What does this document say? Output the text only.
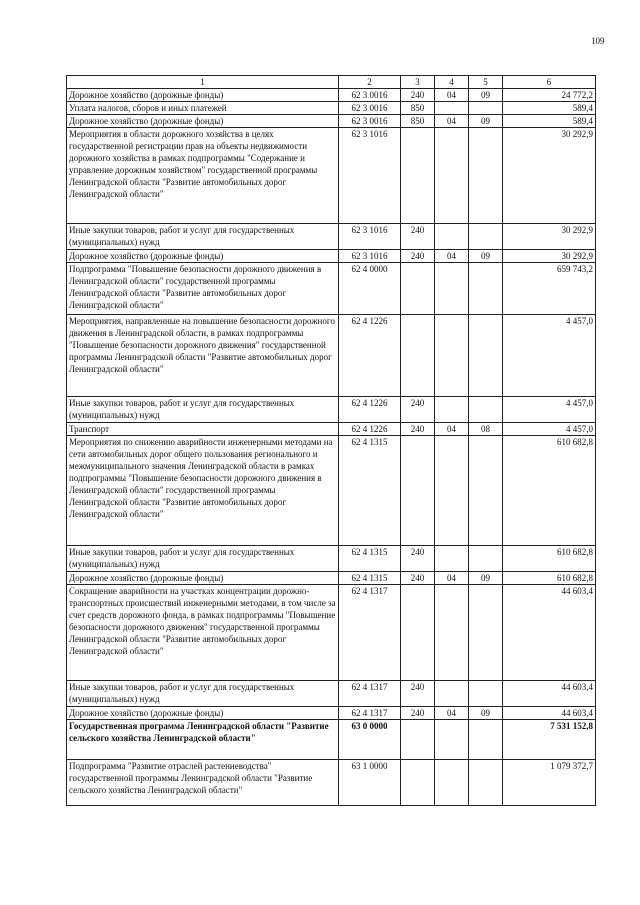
109
1	2	3	4	5	6
Дорожное хозяйство (дорожные фонды)	62 3 0016	240	04	09	24 772,2
Уплата налогов, сборов и иных платежей	62 3 0016	850			589,4
Дорожное хозяйство (дорожные фонды)	62 3 0016	850	04	09	589,4
Мероприятия в области дорожного хозяйства в целях государственной регистрации прав на объекты недвижимости дорожного хозяйства в рамках подпрограммы "Содержание и управление дорожным хозяйством" государственной программы Ленинградской области "Развитие автомобильных дорог Ленинградской области"	62 3 1016				30 292,9
Иные закупки товаров, работ и услуг для государственных (муниципальных) нужд	62 3 1016	240			30 292,9
Дорожное хозяйство (дорожные фонды)	62 3 1016	240	04	09	30 292,9
Подпрограмма "Повышение безопасности дорожного движения в Ленинградской области" государственной программы Ленинградской области "Развитие автомобильных дорог Ленинградской области"	62 4 0000				659 743,2
Мероприятия, направленные на повышение безопасности дорожного движения в Ленинградской области, в рамках подпрограммы "Повышение безопасности дорожного движения" государственной программы Ленинградской области "Развитие автомобильных дорог Ленинградской области"	62 4 1226				4 457,0
Иные закупки товаров, работ и услуг для государственных (муниципальных) нужд	62 4 1226	240			4 457,0
Транспорт	62 4 1226	240	04	08	4 457,0
Мероприятия по снижению аварийности инженерными методами на сети автомобильных дорог общего пользования регионального и межмуниципального значения Ленинградской области в рамках подпрограммы "Повышение безопасности дорожного движения в Ленинградской области" государственной программы Ленинградской области "Развитие автомобильных дорог Ленинградской области"	62 4 1315				610 682,8
Иные закупки товаров, работ и услуг для государственных (муниципальных) нужд	62 4 1315	240			610 682,8
Дорожное хозяйство (дорожные фонды)	62 4 1315	240	04	09	610 682,8
Сокращение аварийности на участках концентрации дорожно-транспортных происшествий инженерными методами, в том числе за счет средств дорожного фонда, в рамках подпрограммы "Повышение безопасности дорожного движения" государственной программы Ленинградской области "Развитие автомобильных дорог Ленинградской области"	62 4 1317				44 603,4
Иные закупки товаров, работ и услуг для государственных (муниципальных) нужд	62 4 1317	240			44 603,4
Дорожное хозяйство (дорожные фонды)	62 4 1317	240	04	09	44 603,4
Государственная программа Ленинградской области "Развитие сельского хозяйства Ленинградской области"	63 0 0000				7 531 152,8
Подпрограмма "Развитие отраслей растениеводства" государственной программы Ленинградской области "Развитие сельского хозяйства Ленинградской области"	63 1 0000				1 079 372,7
